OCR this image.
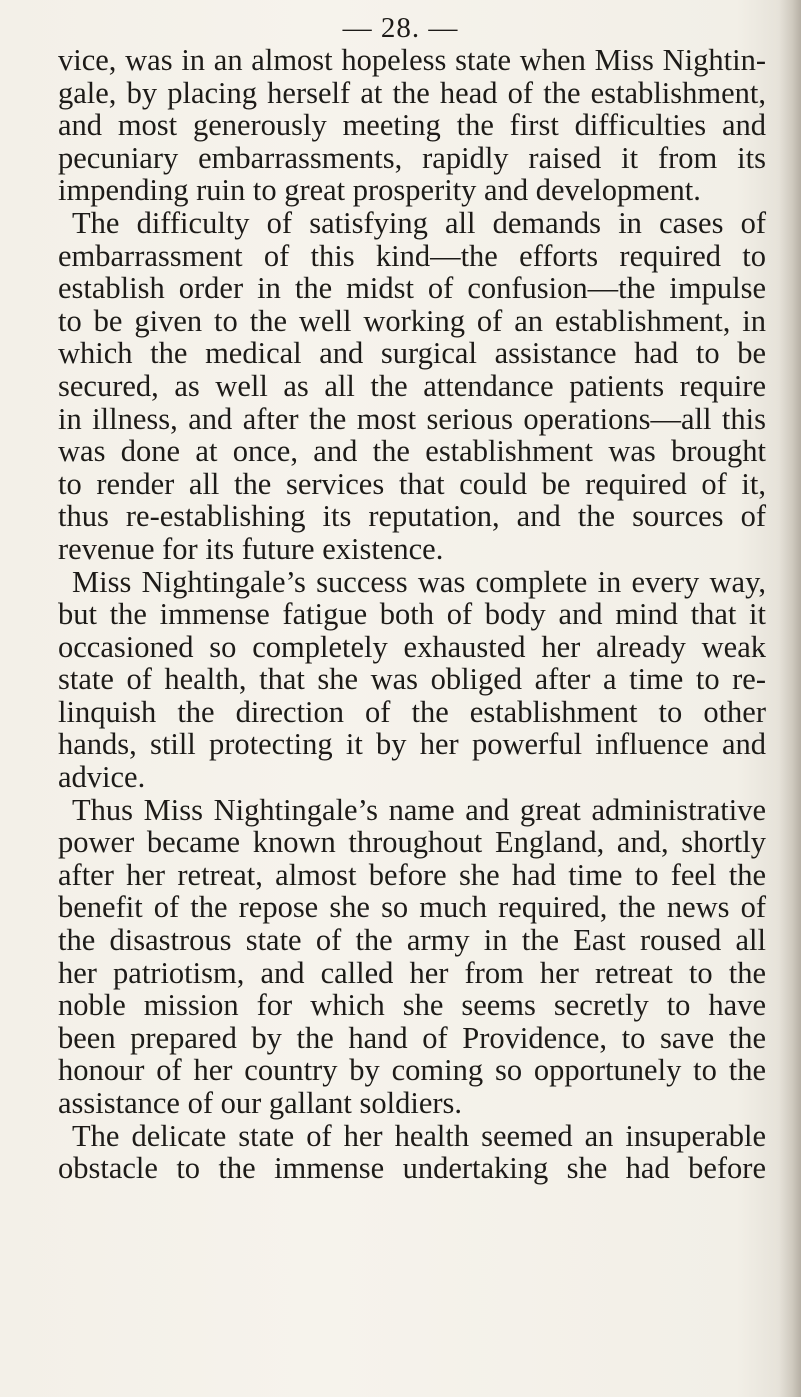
— 28. —
vice, was in an almost hopeless state when Miss Nightin-
gale, by placing herself at the head of the establishment,
and most generously meeting the first difficulties and
pecuniary embarrassments, rapidly raised it from its
impending ruin to great prosperity and development.
The difficulty of satisfying all demands in cases of
embarrassment of this kind—the efforts required to
establish order in the midst of confusion—the impulse
to be given to the well working of an establishment, in
which the medical and surgical assistance had to be
secured, as well as all the attendance patients require
in illness, and after the most serious operations—all this
was done at once, and the establishment was brought
to render all the services that could be required of it,
thus re-establishing its reputation, and the sources of
revenue for its future existence.
Miss Nightingale’s success was complete in every way,
but the immense fatigue both of body and mind that it
occasioned so completely exhausted her already weak
state of health, that she was obliged after a time to re-
linquish the direction of the establishment to other
hands, still protecting it by her powerful influence and
advice.
Thus Miss Nightingale’s name and great administrative
power became known throughout England, and, shortly
after her retreat, almost before she had time to feel the
benefit of the repose she so much required, the news of
the disastrous state of the army in the East roused all
her patriotism, and called her from her retreat to the
noble mission for which she seems secretly to have
been prepared by the hand of Providence, to save the
honour of her country by coming so opportunely to the
assistance of our gallant soldiers.
The delicate state of her health seemed an insuperable
obstacle to the immense undertaking she had before
